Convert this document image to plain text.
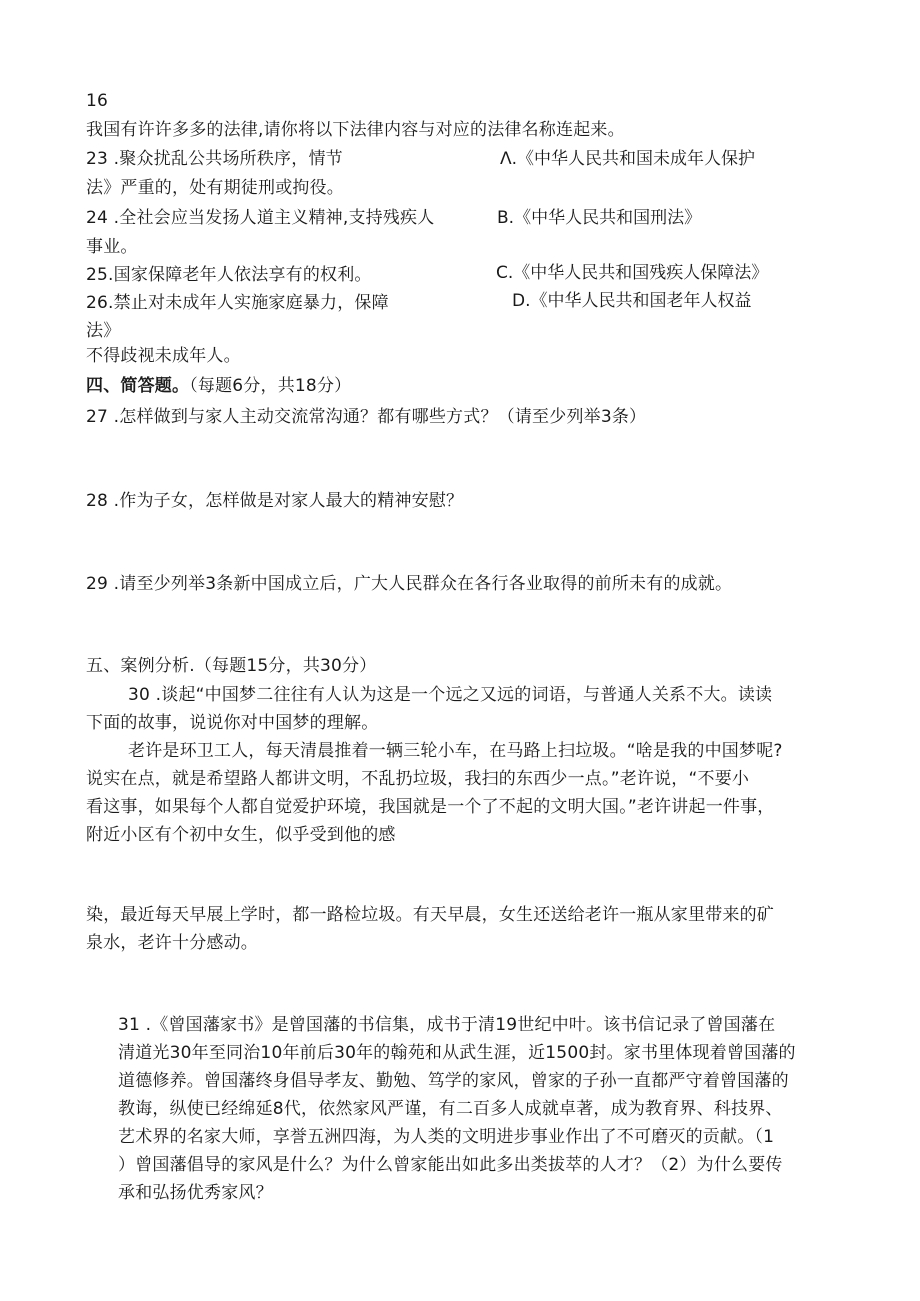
16
我国有许许多多的法律,请你将以下法律内容与对应的法律名称连起来。
23 .聚众扰乱公共场所秩序，情节
法》严重的，处有期徒刑或拘役。
24 .全社会应当发扬人道主义精神,支持残疾人
事业。
25.国家保障老年人依法享有的权利。
26.禁止对未成年人实施家庭暴力，保障
法》
不得歧视未成年人。
Λ.《中华人民共和国未成年人保护
B.《中华人民共和国刑法》
C.《中华人民共和国残疾人保障法》
D.《中华人民共和国老年人权益
四、简答题。（每题6分，共18分）
27 .怎样做到与家人主动交流常沟通？都有哪些方式？（请至少列举3条）
28 .作为子女，怎样做是对家人最大的精神安慰？
29 .请至少列举3条新中国成立后，广大人民群众在各行各业取得的前所未有的成就。
五、案例分析.（每题15分，共30分）
30 .谈起“中国梦二往往有人认为这是一个远之又远的词语，与普通人关系不大。读读
下面的故事，说说你对中国梦的理解。
老许是环卫工人，每天清晨推着一辆三轮小车，在马路上扫垃圾。“啥是我的中国梦呢?
说实在点，就是希望路人都讲文明，不乱扔垃圾，我扫的东西少一点。”老许说，“不要小
看这事，如果每个人都自觉爱护环境，我国就是一个了不起的文明大国。”老许讲起一件事，
附近小区有个初中女生，似乎受到他的感
染，最近每天早展上学时，都一路检垃圾。有天早晨，女生还送给老许一瓶从家里带来的矿
泉水，老许十分感动。
31 .《曾国藩家书》是曾国藩的书信集，成书于清19世纪中叶。该书信记录了曾国藩在
清道光30年至同治10年前后30年的翰苑和从武生涯，近1500封。家书里体现着曾国藩的
道德修养。曾国藩终身倡导孝友、勤勉、笃学的家风，曾家的子孙一直都严守着曾国藩的
教诲，纵使已经绵延8代，依然家风严谨，有二百多人成就卓著，成为教育界、科技界、
艺术界的名家大师，享誉五洲四海，为人类的文明进步事业作出了不可磨灭的贡献。（1
）曾国藩倡导的家风是什么？为什么曾家能出如此多出类拔萃的人才？（2）为什么要传
承和弘扬优秀家风？
